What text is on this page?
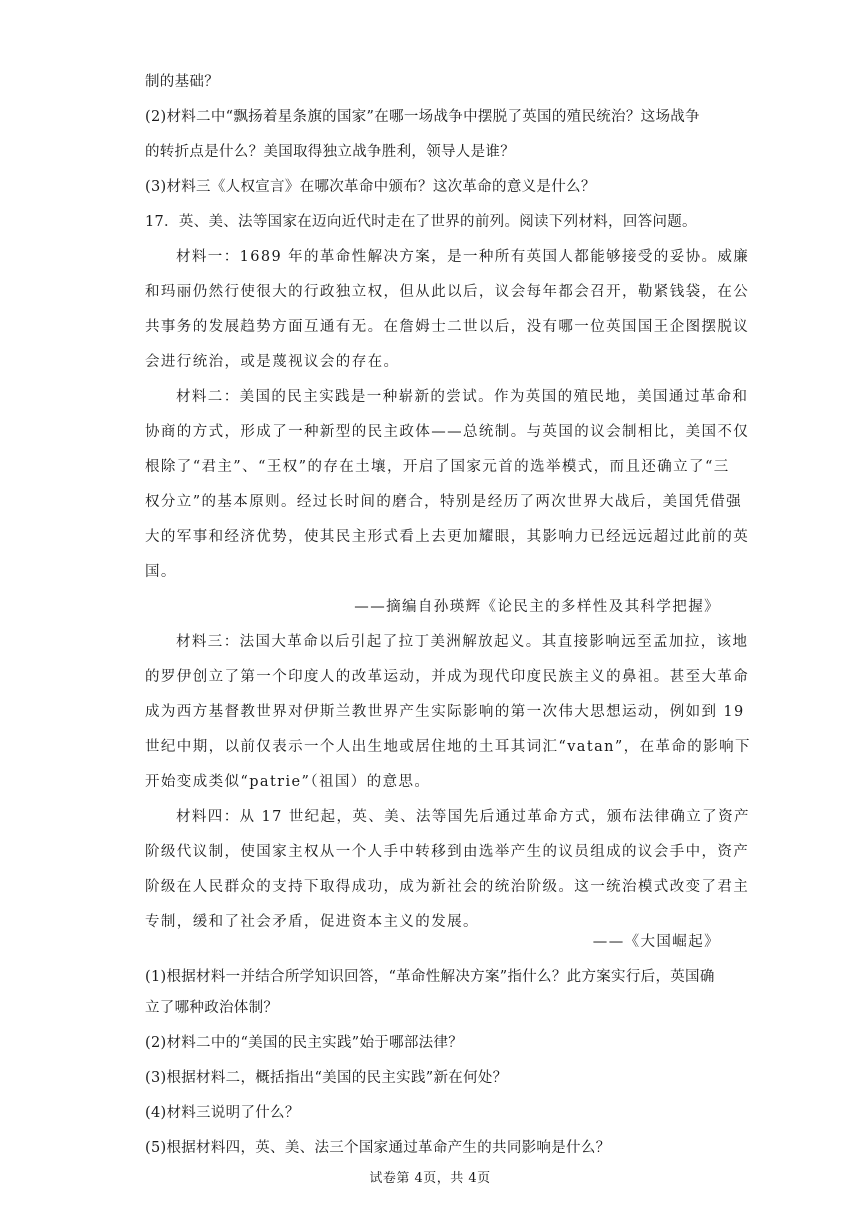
制的基础？
(2)材料二中“飘扬着星条旗的国家”在哪一场战争中摆脱了英国的殖民统治？这场战争
的转折点是什么？美国取得独立战争胜利，领导人是谁？
(3)材料三《人权宣言》在哪次革命中颁布？这次革命的意义是什么？
17．英、美、法等国家在迈向近代时走在了世界的前列。阅读下列材料，回答问题。
材料一：1689 年的革命性解决方案，是一种所有英国人都能够接受的妥协。威廉
和玛丽仍然行使很大的行政独立权，但从此以后，议会每年都会召开，勒紧钱袋，在公
共事务的发展趋势方面互通有无。在詹姆士二世以后，没有哪一位英国国王企图摆脱议
会进行统治，或是蔑视议会的存在。
材料二：美国的民主实践是一种崭新的尝试。作为英国的殖民地，美国通过革命和
协商的方式，形成了一种新型的民主政体——总统制。与英国的议会制相比，美国不仅
根除了“君主”、“王权”的存在土壤，开启了国家元首的选举模式，而且还确立了“三
权分立”的基本原则。经过长时间的磨合，特别是经历了两次世界大战后，美国凭借强
大的军事和经济优势，使其民主形式看上去更加耀眼，其影响力已经远远超过此前的英
国。
——摘编自孙瑛辉《论民主的多样性及其科学把握》
材料三：法国大革命以后引起了拉丁美洲解放起义。其直接影响远至孟加拉，该地
的罗伊创立了第一个印度人的改革运动，并成为现代印度民族主义的鼻祖。甚至大革命
成为西方基督教世界对伊斯兰教世界产生实际影响的第一次伟大思想运动，例如到 19
世纪中期，以前仅表示一个人出生地或居住地的土耳其词汇“vatan”，在革命的影响下
开始变成类似“patrie”（祖国）的意思。
材料四：从 17 世纪起，英、美、法等国先后通过革命方式，颁布法律确立了资产
阶级代议制，使国家主权从一个人手中转移到由选举产生的议员组成的议会手中，资产
阶级在人民群众的支持下取得成功，成为新社会的统治阶级。这一统治模式改变了君主
专制，缓和了社会矛盾，促进资本主义的发展。
——《大国崛起》
试卷第 4页，共 4页
(1)根据材料一并结合所学知识回答，“革命性解决方案”指什么？此方案实行后，英国确
立了哪种政治体制？
(2)材料二中的“美国的民主实践”始于哪部法律？
(3)根据材料二，概括指出“美国的民主实践”新在何处？
(4)材料三说明了什么？
(5)根据材料四，英、美、法三个国家通过革命产生的共同影响是什么？
